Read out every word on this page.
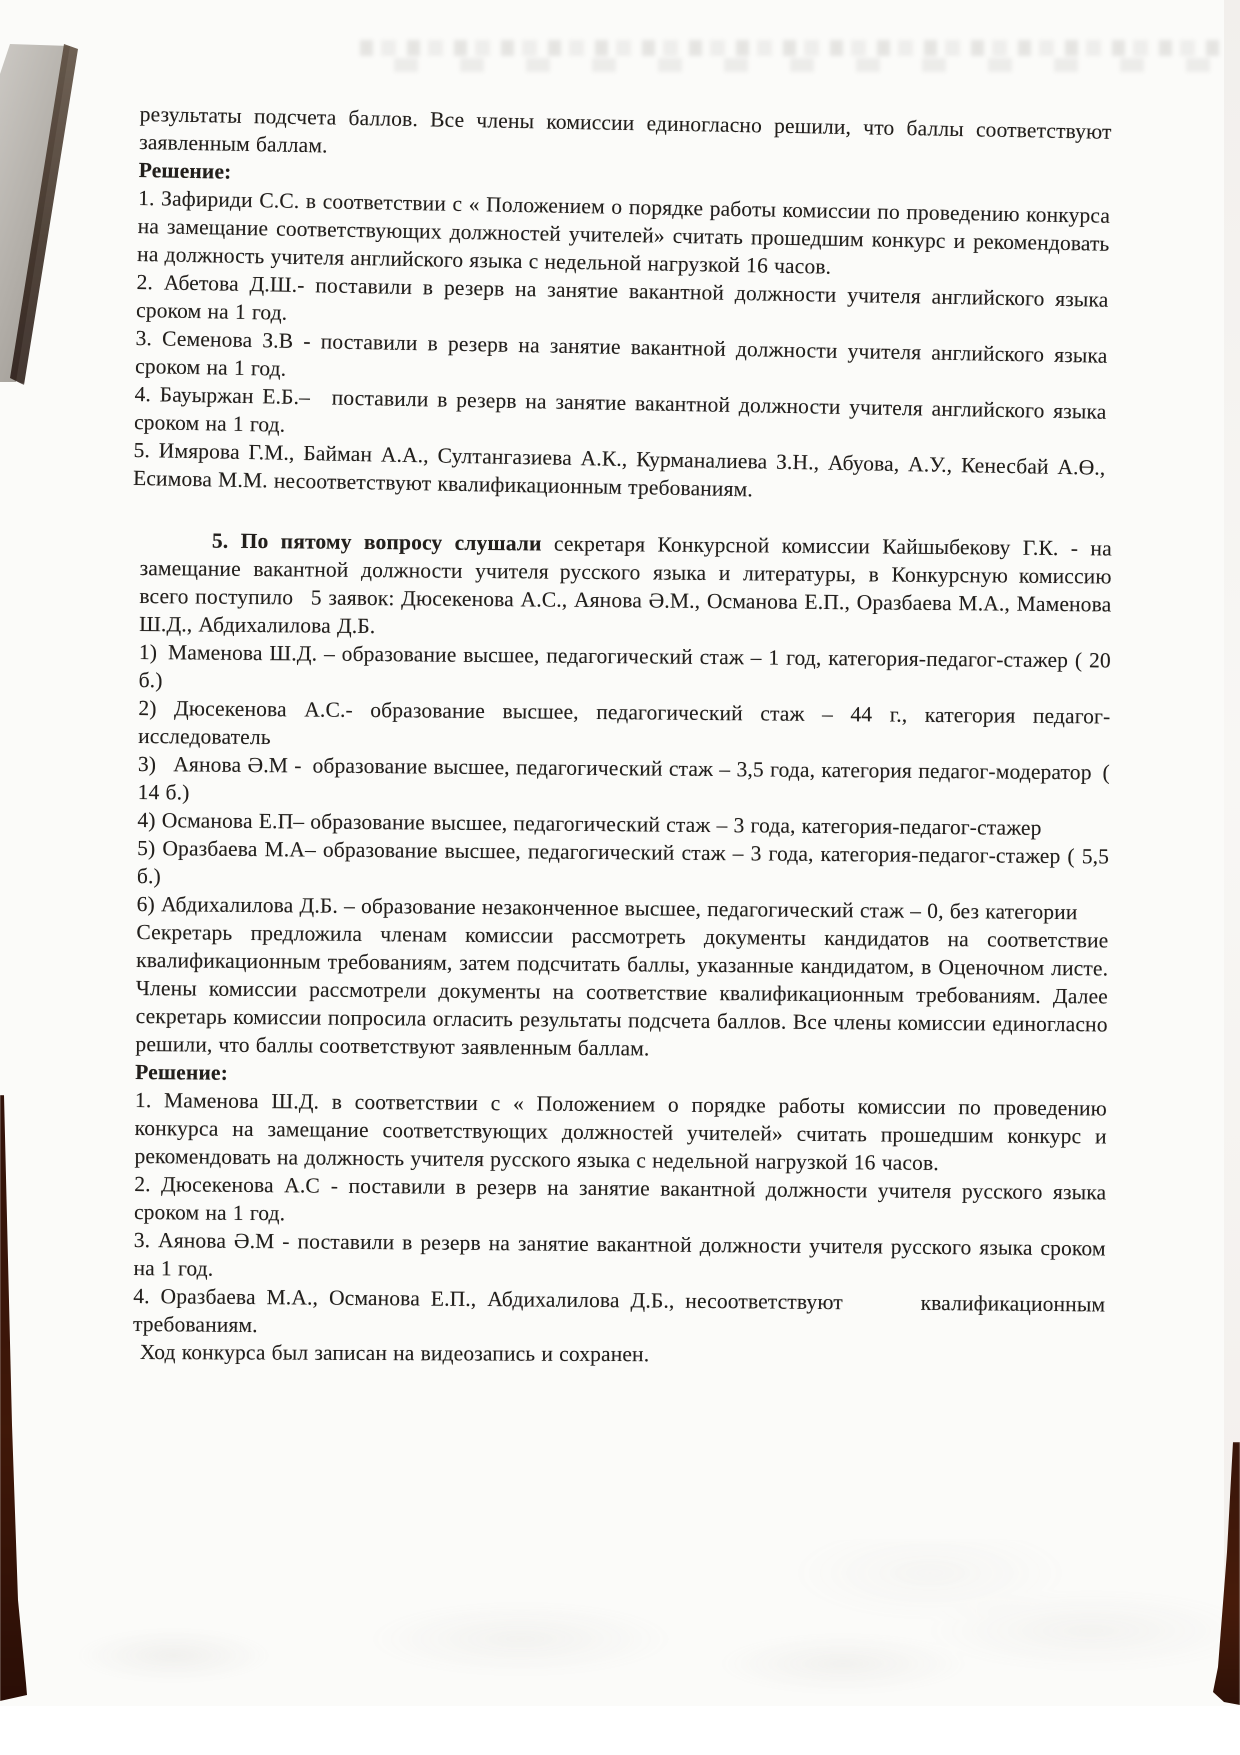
результаты подсчета баллов. Все члены комиссии единогласно решили, что баллы соответствуют заявленным баллам.

Решение:

1. Зафириди С.С. в соответствии с « Положением о порядке работы комиссии по проведению конкурса на замещание соответствующих должностей учителей» считать прошедшим конкурс и рекомендовать на должность учителя английского языка с недельной нагрузкой 16 часов.

2. Абетова Д.Ш.- поставили в резерв на занятие вакантной должности учителя английского языка сроком на 1 год.

3. Семенова З.В - поставили в резерв на занятие вакантной должности учителя английского языка сроком на 1 год.

4. Бауыржан Е.Б.– поставили в резерв на занятие вакантной должности учителя английского языка сроком на 1 год.

5. Имярова Г.М., Байман А.А., Султангазиева А.К., Курманалиева З.Н., Абуова, А.У., Кенесбай А.Ө., Есимова М.М. несоответствуют квалификационным требованиям.

5. По пятому вопросу слушали секретаря Конкурсной комиссии Кайшыбекову Г.К. - на замещание вакантной должности учителя русского языка и литературы, в Конкурсную комиссию всего поступило  5 заявок: Дюсекенова А.С., Аянова Ә.М., Османова Е.П., Оразбаева М.А., Маменова Ш.Д., Абдихалилова Д.Б.

1) Маменова Ш.Д. – образование высшее, педагогический стаж – 1 год, категория-педагог-стажер ( 20 б.)

2) Дюсекенова А.С.- образование высшее, педагогический стаж – 44 г., категория педагог-исследователь

3)  Аянова Ә.М - образование высшее, педагогический стаж – 3,5 года, категория педагог-модератор ( 14 б.)

4) Османова Е.П– образование высшее, педагогический стаж – 3 года, категория-педагог-стажер

5) Оразбаева М.А– образование высшее, педагогический стаж – 3 года, категория-педагог-стажер ( 5,5 б.)

6) Абдихалилова Д.Б. – образование незаконченное высшее, педагогический стаж – 0, без категории

Секретарь предложила членам комиссии рассмотреть документы кандидатов на соответствие квалификационным требованиям, затем подсчитать баллы, указанные кандидатом, в Оценочном листе. Члены комиссии рассмотрели документы на соответствие квалификационным требованиям. Далее секретарь комиссии попросила огласить результаты подсчета баллов. Все члены комиссии единогласно решили, что баллы соответствуют заявленным баллам.

Решение:

1. Маменова Ш.Д. в соответствии с « Положением о порядке работы комиссии по проведению конкурса на замещание соответствующих должностей учителей» считать прошедшим конкурс и рекомендовать на должность учителя русского языка с недельной нагрузкой 16 часов.

2. Дюсекенова А.С - поставили в резерв на занятие вакантной должности учителя русского языка сроком на 1 год.

3. Аянова Ә.М - поставили в резерв на занятие вакантной должности учителя русского языка сроком на 1 год.

4. Оразбаева М.А., Османова Е.П., Абдихалилова Д.Б., несоответствуют квалификационным требованиям.

Ход конкурса был записан на видеозапись и сохранен.
